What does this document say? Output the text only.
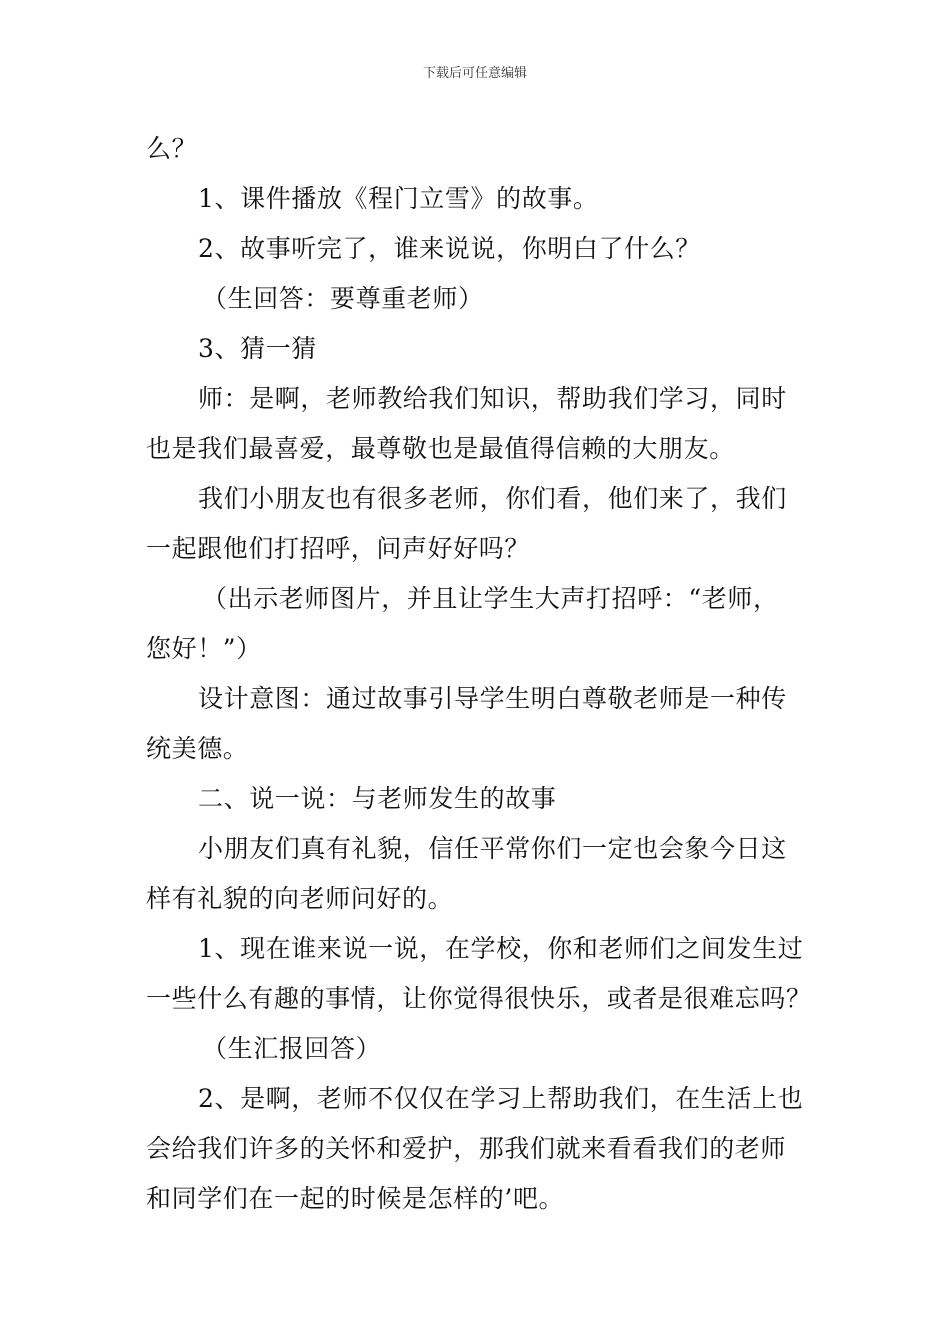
下载后可任意编辑

么？

1、课件播放《程门立雪》的故事。

2、故事听完了，谁来说说，你明白了什么？

（生回答：要尊重老师）

3、猜一猜

师：是啊，老师教给我们知识，帮助我们学习，同时

也是我们最喜爱，最尊敬也是最值得信赖的大朋友。

我们小朋友也有很多老师，你们看，他们来了，我们

一起跟他们打招呼，问声好好吗？

（出示老师图片，并且让学生大声打招呼：“老师，

您好！”）

设计意图：通过故事引导学生明白尊敬老师是一种传

统美德。

二、说一说：与老师发生的故事

小朋友们真有礼貌，信任平常你们一定也会象今日这

样有礼貌的向老师问好的。

1、现在谁来说一说，在学校，你和老师们之间发生过

一些什么有趣的事情，让你觉得很快乐，或者是很难忘吗？

（生汇报回答）

2、是啊，老师不仅仅在学习上帮助我们，在生活上也

会给我们许多的关怀和爱护，那我们就来看看我们的老师

和同学们在一起的时候是怎样的’吧。
